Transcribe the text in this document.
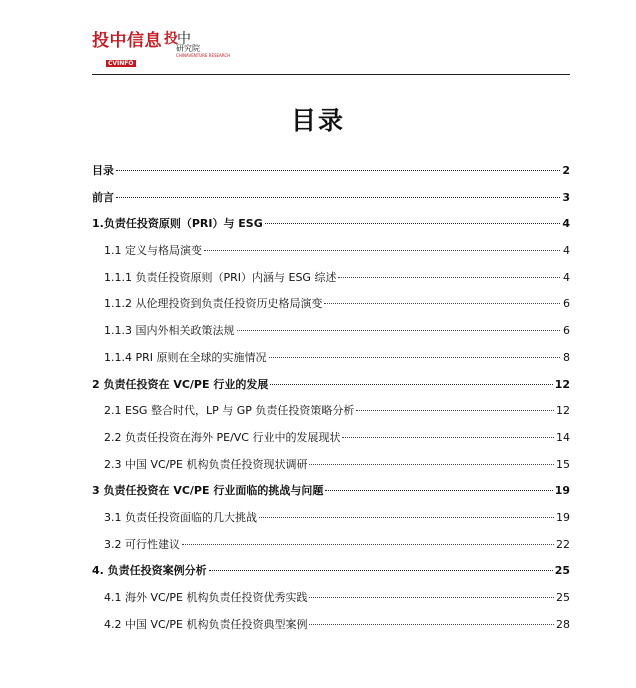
投中信息
CVINFO
投 中
研究院
CHINAVENTURE RESEARCH
目录
目录	2
前言	3
1.负责任投资原则（PRI）与 ESG	4
1.1 定义与格局演变	4
1.1.1 负责任投资原则（PRI）内涵与 ESG 综述	4
1.1.2 从伦理投资到负责任投资历史格局演变	6
1.1.3 国内外相关政策法规	6
1.1.4 PRI 原则在全球的实施情况	8
2 负责任投资在 VC/PE 行业的发展	12
2.1 ESG 整合时代，LP 与 GP 负责任投资策略分析	12
2.2 负责任投资在海外 PE/VC 行业中的发展现状	14
2.3 中国 VC/PE 机构负责任投资现状调研	15
3 负责任投资在 VC/PE 行业面临的挑战与问题	19
3.1 负责任投资面临的几大挑战	19
3.2 可行性建议	22
4. 负责任投资案例分析	25
4.1 海外 VC/PE 机构负责任投资优秀实践	25
4.2 中国 VC/PE 机构负责任投资典型案例	28
